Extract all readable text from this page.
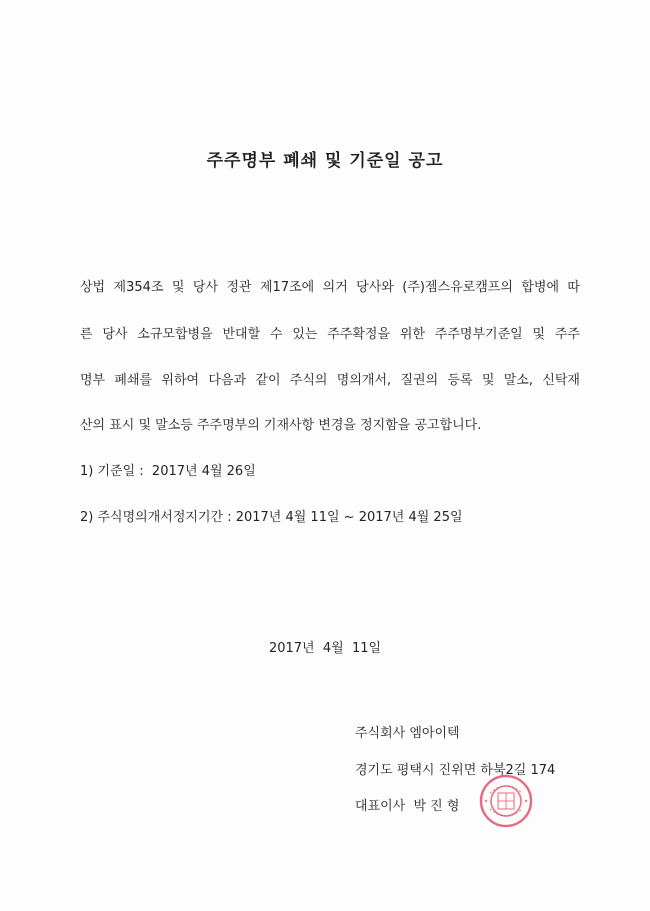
주주명부 폐쇄 및 기준일 공고
상법 제354조 및 당사 정관 제17조에 의거 당사와 (주)젬스유로캠프의 합병에 따
른 당사 소규모합병을 반대할 수 있는 주주확정을 위한 주주명부기준일 및 주주
명부 폐쇄를 위하여 다음과 같이 주식의 명의개서, 질권의 등록 및 말소, 신탁재
산의 표시 및 말소등 주주명부의 기재사항 변경을 정지함을 공고합니다.
1) 기준일 :  2017년 4월 26일
2) 주식명의개서정지기간 : 2017년 4월 11일 ~ 2017년 4월 25일
2017년  4월  11일
주식회사 엠아이텍
경기도 평택시 진위면 하북2길 174
대표이사  박 진 형
